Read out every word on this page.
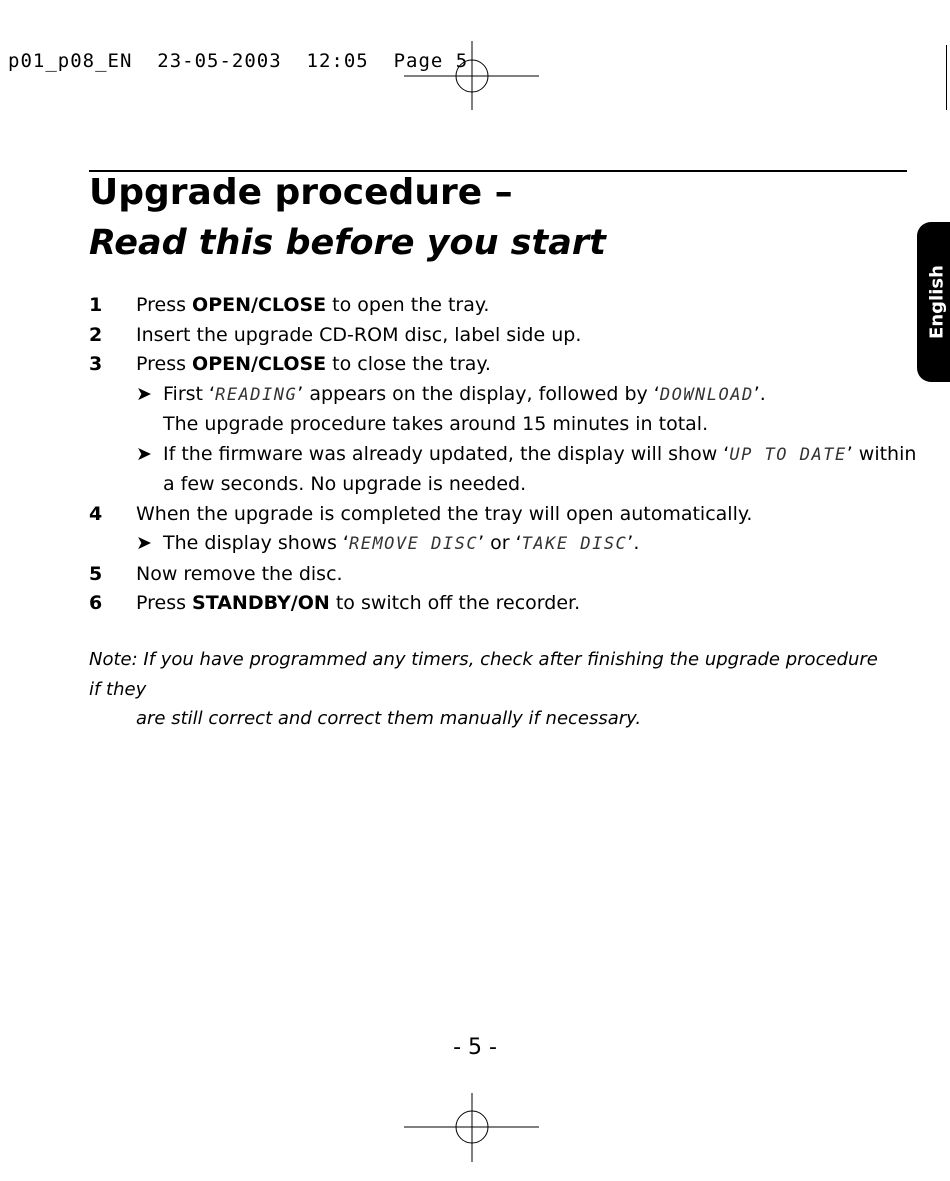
p01_p08_EN  23-05-2003  12:05  Page 5
Upgrade procedure –
Read this before you start
English
1 Press OPEN/CLOSE to open the tray.
2 Insert the upgrade CD-ROM disc, label side up.
3 Press OPEN/CLOSE to close the tray.
➤ First ‘READING’ appears on the display, followed by ‘DOWNLOAD’.
The upgrade procedure takes around 15 minutes in total.
➤ If the firmware was already updated, the display will show ‘UP TO DATE’ within
a few seconds. No upgrade is needed.
4 When the upgrade is completed the tray will open automatically.
➤ The display shows ‘REMOVE DISC’ or ‘TAKE DISC’.
5 Now remove the disc.
6 Press STANDBY/ON to switch off the recorder.
Note: If you have programmed any timers, check after finishing the upgrade procedure if they
are still correct and correct them manually if necessary.
- 5 -
